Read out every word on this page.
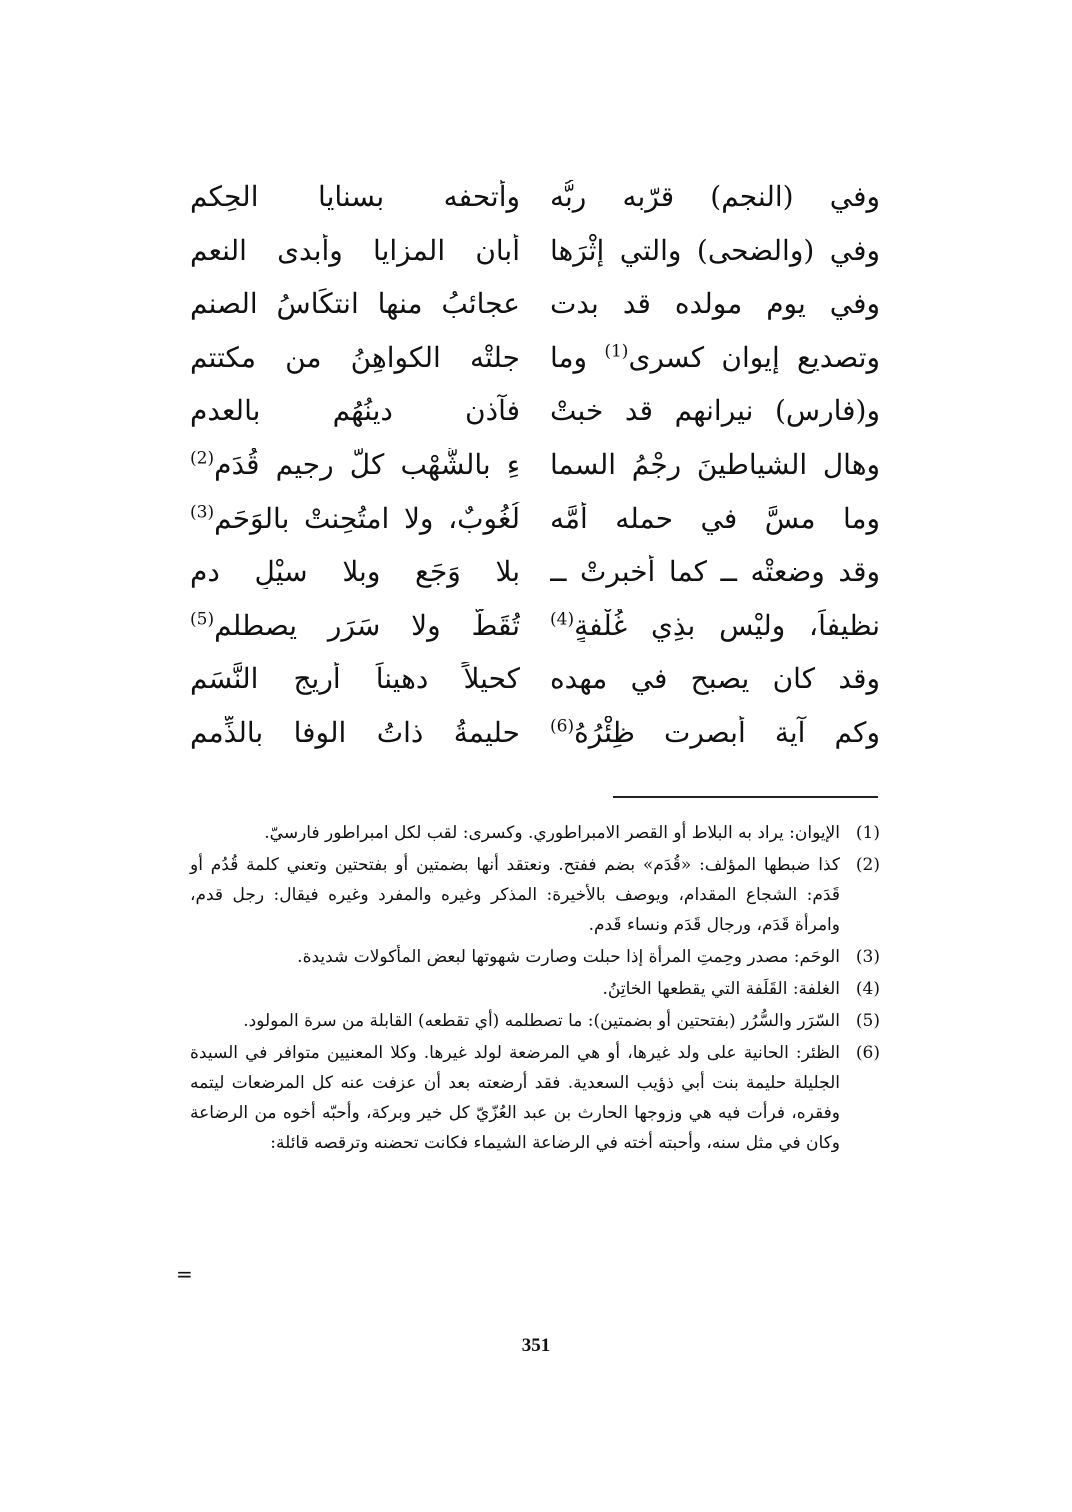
وفي (النجم) قرّبه ربُّه
وأتحفه بسنايا الحِكم
وفي (والضحى) والتي إثْرَها
أبان المزايا وأبدى النعم
وفي يوم مولده قد بدت
عجائبُ منها انتكَاسُ الصنم
وتصديع إيوان كسرى$^{(1)}$ وما
جلتْه الكواهِنُ من مكتتم
و(فارس) نيرانهم قد خبتْ
فآذن دينُهُم بالعدم
وهال الشياطينَ رجْمُ السما
ءِ بالشُّهْب كلَّ رجيمٍ قُدَم$^{(2)}$
وما مسَّ في حمله أُمَّه
لُغُوبٌ، ولا امتُحِنتْ بالوَحَم$^{(3)}$
وقد وضعتْه ــ كما أخبرتْ ــ
بلا وَجَعٍ وبلا سيْلِ دم
نظيفاً، وليْس بذِي غُلْفةٍ$^{(4)}$
تُقَطُّ ولا سَرَرٍ يصطلم$^{(5)}$
وقد كان يصبح في مهده
كحيلاً دهيناً أريج النَّسَم
وكم آية أبصرت ظِئْرُهُ$^{(6)}$
حليمةُ ذاتُ الوفا بالذِّمم
(1)
الإيوان: يراد به البلاط أو القصر الامبراطوري. وكسرى: لقب لكل امبراطور فارسيّ.
(2)
كذا ضبطها المؤلف: «قُدَم» بضم ففتح. ونعتقد أنها بضمتين أو بفتحتين وتعني كلمة قُدُم أو قَدَم: الشجاع المقدام، ويوصف بالأخيرة: المذكر وغيره والمفرد وغيره فيقال: رجل قدم، وامرأة قَدَم، ورجال قَدَم ونساء قَدم.
(3)
الوحَم: مصدر وحِمتِ المرأة إذا حبلت وصارت شهوتها لبعض المأكولات شديدة.
(4)
الغلفة: القَلَفة التي يقطعها الخاتِنُ.
(5)
السّرَر والسُّرُر (بفتحتين أو بضمتين): ما تصطلمه (أي تقطعه) القابلة من سرة المولود.
(6)
الظئر: الحانية على ولد غيرها، أو هي المرضعة لولد غيرها. وكلا المعنيين متوافر في السيدة الجليلة حليمة بنت أبي ذؤيب السعدية. فقد أرضعته بعد أن عزفت عنه كل المرضعات ليتمه وفقره، فرأت فيه هي وزوجها الحارث بن عبد العُزّيّ كل خير وبركة، وأحبّه أخوه من الرضاعة وكان في مثل سنه، وأحبته أخته في الرضاعة الشيماء فكانت تحضنه وترقصه قائلة:
=
351
